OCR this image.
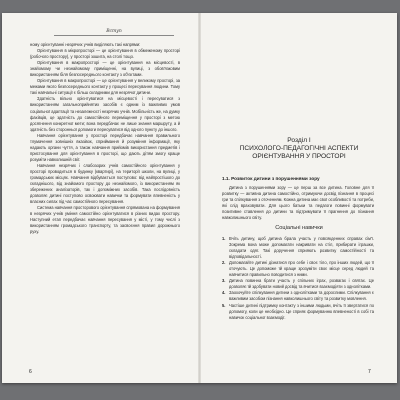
Вступ

ному орієнтуванні незрячих учнів виділяють такі напрями:

Орієнтування в мікропросторі — це орієнтування в обмеженому просторі (робочого простору), у просторі зошита, на столі тощо.

Орієнтування в макропросторі — це орієнтування на місцевості, в знайомому чи незнайомому приміщенні, на вулиці, з обов'язковим використанням біля безпосереднього контакту з об'єктами.

Орієнтування в макропросторі — це орієнтування у великому просторі, за межами якого безпосереднього контакту у процесі пересування людини. Тому такі навчальні ситуації є більш складними для незрячої дитини.

Здатність вільно орієнтуватися на місцевості і пересуватися з використанням загальноприйнятих засобів є одним із важливих умов соціальної адаптації та незалежності незрячих учнів. Мобільність же, на думку фахівців, це здатність до самостійного переміщення у просторі з метою досягнення конкретної мети; вона передбачає не лише знання маршруту, а й здатність без сторонньої допомоги пересуватися від одного пункту до іншого.

Навчання орієнтування у просторі передбачає навчання правильного тлумачення зовнішніх вказівок, сприймання й розуміння інформації, яку надають органи чуття, а також навчання прийомів використання предметів і пристосування для орієнтування в просторі, що дають дітям змогу краще розуміти навколишній світ.

Навчання незрячих і слабозорих учнів самостійного орієнтування у просторі проводиться в будинку (квартирі), на території школи, на вулиці, у громадських місцях. Навчання відбувається поступово: від найпростішого до складнішого, від знайомого простору до незнайомого, із використанням як збережених аналізаторів, так і допоміжних засобів. Така послідовність дозволяє дитині поступово освоювати навички та формувати впевненість у власних силах під час самостійного пересування.

Система навчання просторового орієнтування спрямована на формування в незрячих учнів уміння самостійно орієнтуватися в різних видах простору. Наступний етап передбачає навчання пересування у місті, у тому числі з використанням громадського транспорту, та засвоєння правил дорожнього руху.

6
Розділ І
ПСИХОЛОГО-ПЕДАГОГІЧНІ АСПЕКТИ
ОРІЄНТУВАННЯ У ПРОСТОРІ
1.1. Розвиток дитини з порушеннями зору

Дитина з порушеннями зору — це перш за все дитина. Головне для її розвитку — активна дитина самостійно, отримуючи досвід пізнання в процесі гри та спілкування з оточенням. Кожна дитина має свої особливості та потреби, які слід враховувати. Для цього батьки та педагоги повинні формувати позитивне ставлення до дитини та підтримувати її прагнення до пізнання навколишнього світу.

Соціальні навички
1. Вчіть дитину, щоб дитина брала участь у повсякденних справах сім'ї. Зокрема вона може допомагати накривати на стіл, прибирати іграшки, складати одяг. Такі доручення сприяють розвитку самостійності та відповідальності.
2. Допомагайте дитині дізнатися про себе і своє тіло, про інших людей, що її оточують. Це допоможе їй краще зрозуміти своє місце серед людей та навчитися правильно поводитися з ними.
3. Дитина повинна брати участь у спільних іграх, розвагах і святах. Це дозволяє їй здобувати новий досвід та вчитися взаємодіяти з однолітками.
4. Заохочуйте спілкування дитини з однолітками та дорослими. Спілкування є важливим засобом пізнання навколишнього світу та розвитку мовлення.
5. Частіше дитині підтримку контакту з іншими людьми, вчіть її звертатися по допомогу, коли це необхідно. Це сприяє формуванню впевненості в собі та навичок соціальної взаємодії.
7
